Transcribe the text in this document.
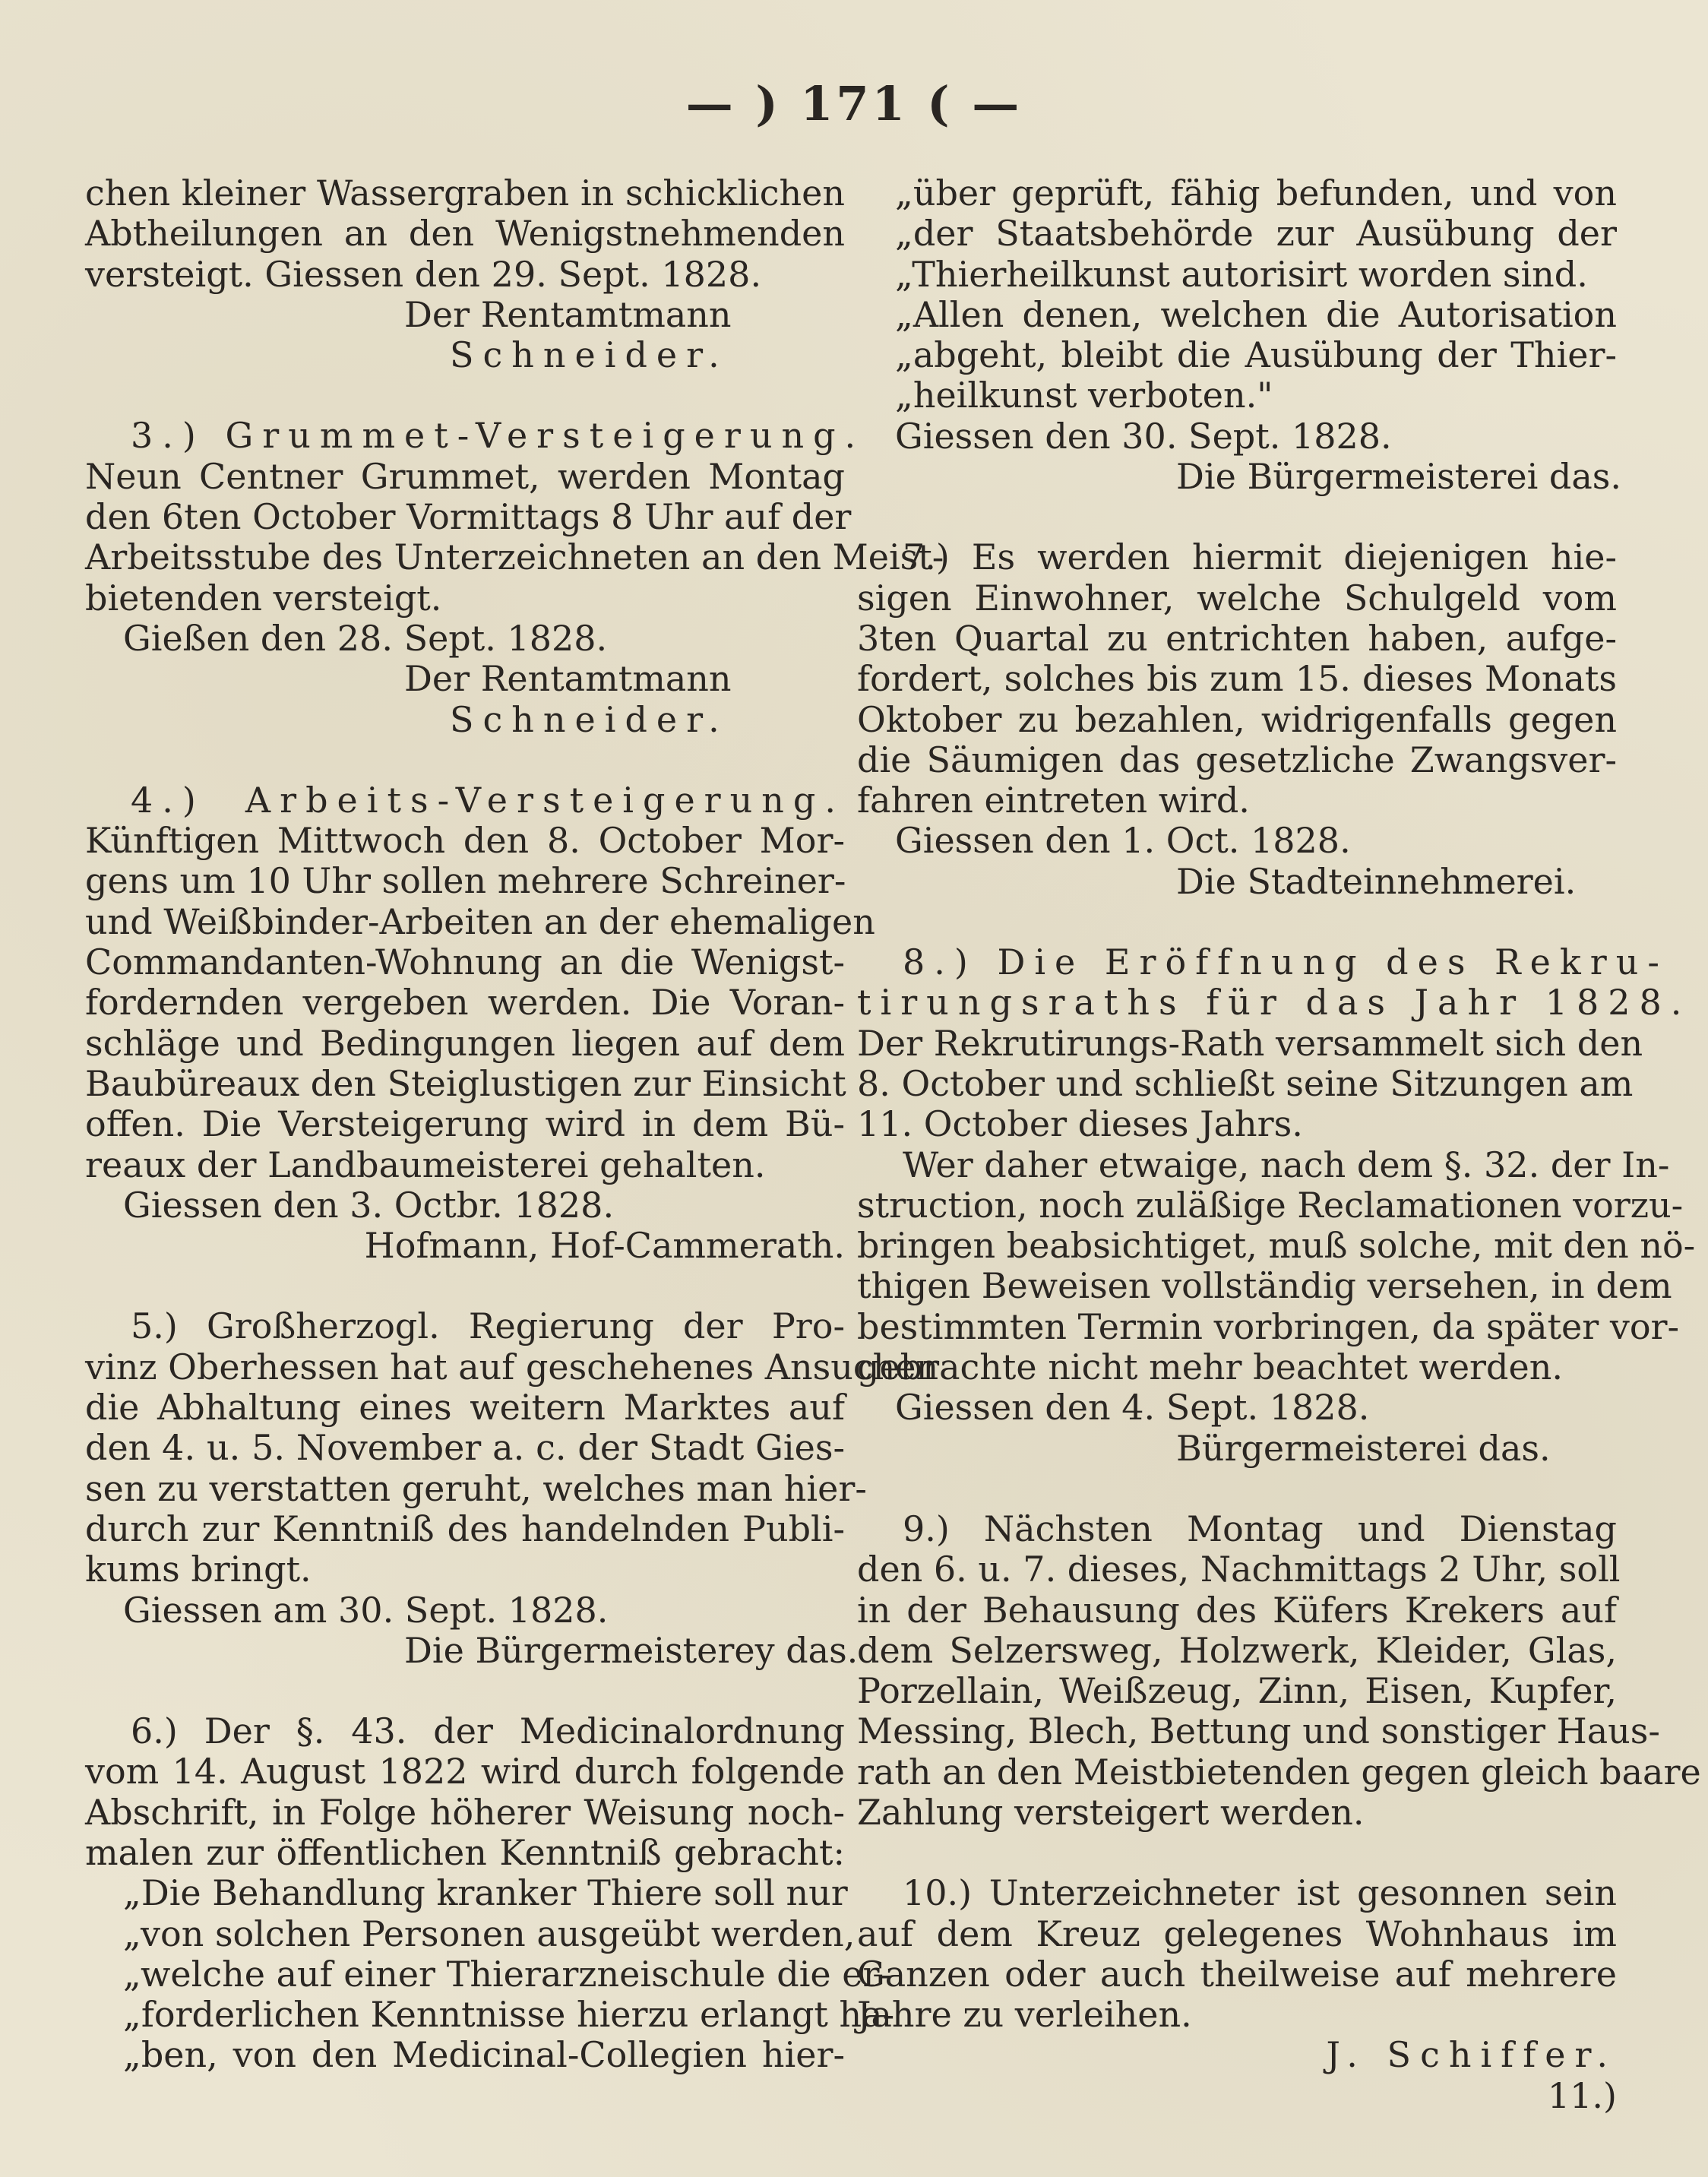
— ) 171 ( —
chen kleiner Wassergraben in schicklichen
Abtheilungen an den Wenigstnehmenden
versteigt. Giessen den 29. Sept. 1828.
Der Rentamtmann
Schneider.
3.) Grummet-Versteigerung.
Neun Centner Grummet, werden Montag
den 6ten October Vormittags 8 Uhr auf der
Arbeitsstube des Unterzeichneten an den Meist-
bietenden versteigt.
Gießen den 28. Sept. 1828.
Der Rentamtmann
Schneider.
4.) Arbeits-Versteigerung.
Künftigen Mittwoch den 8. October Mor-
gens um 10 Uhr sollen mehrere Schreiner-
und Weißbinder-Arbeiten an der ehemaligen
Commandanten-Wohnung an die Wenigst-
fordernden vergeben werden. Die Voran-
schläge und Bedingungen liegen auf dem
Baubüreaux den Steiglustigen zur Einsicht
offen. Die Versteigerung wird in dem Bü-
reaux der Landbaumeisterei gehalten.
Giessen den 3. Octbr. 1828.
Hofmann, Hof-Cammerath.
5.) Großherzogl. Regierung der Pro-
vinz Oberhessen hat auf geschehenes Ansuchen
die Abhaltung eines weitern Marktes auf
den 4. u. 5. November a. c. der Stadt Gies-
sen zu verstatten geruht, welches man hier-
durch zur Kenntniß des handelnden Publi-
kums bringt.
Giessen am 30. Sept. 1828.
Die Bürgermeisterey das.
6.) Der §. 43. der Medicinalordnung
vom 14. August 1822 wird durch folgende
Abschrift, in Folge höherer Weisung noch-
malen zur öffentlichen Kenntniß gebracht:
„Die Behandlung kranker Thiere soll nur
„von solchen Personen ausgeübt werden,
„welche auf einer Thierarzneischule die er-
„forderlichen Kenntnisse hierzu erlangt ha-
„ben, von den Medicinal-Collegien hier-
„über geprüft, fähig befunden, und von
„der Staatsbehörde zur Ausübung der
„Thierheilkunst autorisirt worden sind.
„Allen denen, welchen die Autorisation
„abgeht, bleibt die Ausübung der Thier-
„heilkunst verboten."
Giessen den 30. Sept. 1828.
Die Bürgermeisterei das.
7.) Es werden hiermit diejenigen hie-
sigen Einwohner, welche Schulgeld vom
3ten Quartal zu entrichten haben, aufge-
fordert, solches bis zum 15. dieses Monats
Oktober zu bezahlen, widrigenfalls gegen
die Säumigen das gesetzliche Zwangsver-
fahren eintreten wird.
Giessen den 1. Oct. 1828.
Die Stadteinnehmerei.
8.) Die Eröffnung des Rekru-
tirungsraths für das Jahr 1828.
Der Rekrutirungs-Rath versammelt sich den
8. October und schließt seine Sitzungen am
11. October dieses Jahrs.
Wer daher etwaige, nach dem §. 32. der In-
struction, noch zuläßige Reclamationen vorzu-
bringen beabsichtiget, muß solche, mit den nö-
thigen Beweisen vollständig versehen, in dem
bestimmten Termin vorbringen, da später vor-
gebrachte nicht mehr beachtet werden.
Giessen den 4. Sept. 1828.
Bürgermeisterei das.
9.) Nächsten Montag und Dienstag
den 6. u. 7. dieses, Nachmittags 2 Uhr, soll
in der Behausung des Küfers Krekers auf
dem Selzersweg, Holzwerk, Kleider, Glas,
Porzellain, Weißzeug, Zinn, Eisen, Kupfer,
Messing, Blech, Bettung und sonstiger Haus-
rath an den Meistbietenden gegen gleich baare
Zahlung versteigert werden.
10.) Unterzeichneter ist gesonnen sein
auf dem Kreuz gelegenes Wohnhaus im
Ganzen oder auch theilweise auf mehrere
Jahre zu verleihen.
J. Schiffer.
11.)
